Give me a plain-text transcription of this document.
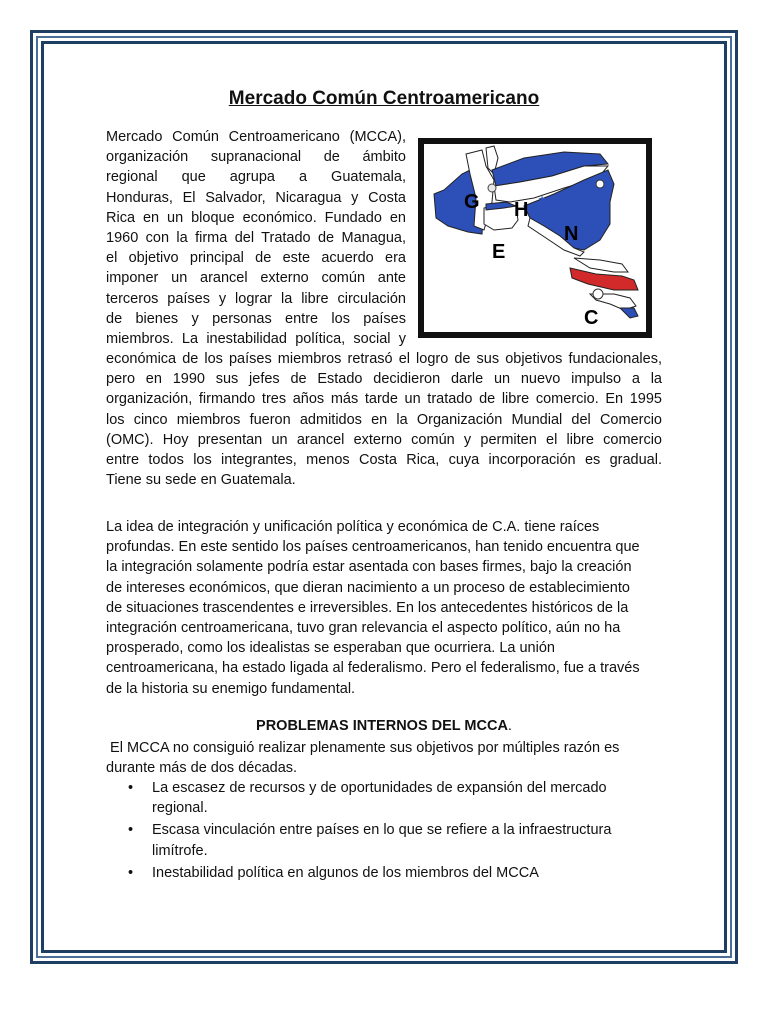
Mercado Común Centroamericano
Mercado Común Centroamericano (MCCA),
organización supranacional de ámbito
regional que agrupa a Guatemala,
Honduras, El Salvador, Nicaragua y Costa
Rica en un bloque económico. Fundado en
1960 con la firma del Tratado de Managua,
el objetivo principal de este acuerdo era
imponer un arancel externo común ante
terceros países y lograr la libre circulación
de bienes y personas entre los países
miembros. La inestabilidad política, social y
★
★
G H
N
E
C
económica de los países miembros retrasó el logro de sus objetivos fundacionales,
pero en 1990 sus jefes de Estado decidieron darle un nuevo impulso a la
organización, firmando tres años más tarde un tratado de libre comercio. En 1995
los cinco miembros fueron admitidos en la Organización Mundial del Comercio
(OMC). Hoy presentan un arancel externo común y permiten el libre comercio
entre todos los integrantes, menos Costa Rica, cuya incorporación es gradual.
Tiene su sede en Guatemala.
La idea de integración y unificación política y económica de C.A. tiene raíces
profundas. En este sentido los países centroamericanos, han tenido encuentra que
la integración solamente podría estar asentada con bases firmes, bajo la creación
de intereses económicos, que dieran nacimiento a un proceso de establecimiento
de situaciones trascendentes e irreversibles. En los antecedentes históricos de la
integración centroamericana, tuvo gran relevancia el aspecto político, aún no ha
prosperado, como los idealistas se esperaban que ocurriera. La unión
centroamericana, ha estado ligada al federalismo. Pero el federalismo, fue a través
de la historia su enemigo fundamental.
PROBLEMAS INTERNOS DEL MCCA.
El MCCA no consiguió realizar plenamente sus objetivos por múltiples razón es
durante más de dos décadas.
• La escasez de recursos y de oportunidades de expansión del mercado regional.
• Escasa vinculación entre países en lo que se refiere a la infraestructura limítrofe.
• Inestabilidad política en algunos de los miembros del MCCA
